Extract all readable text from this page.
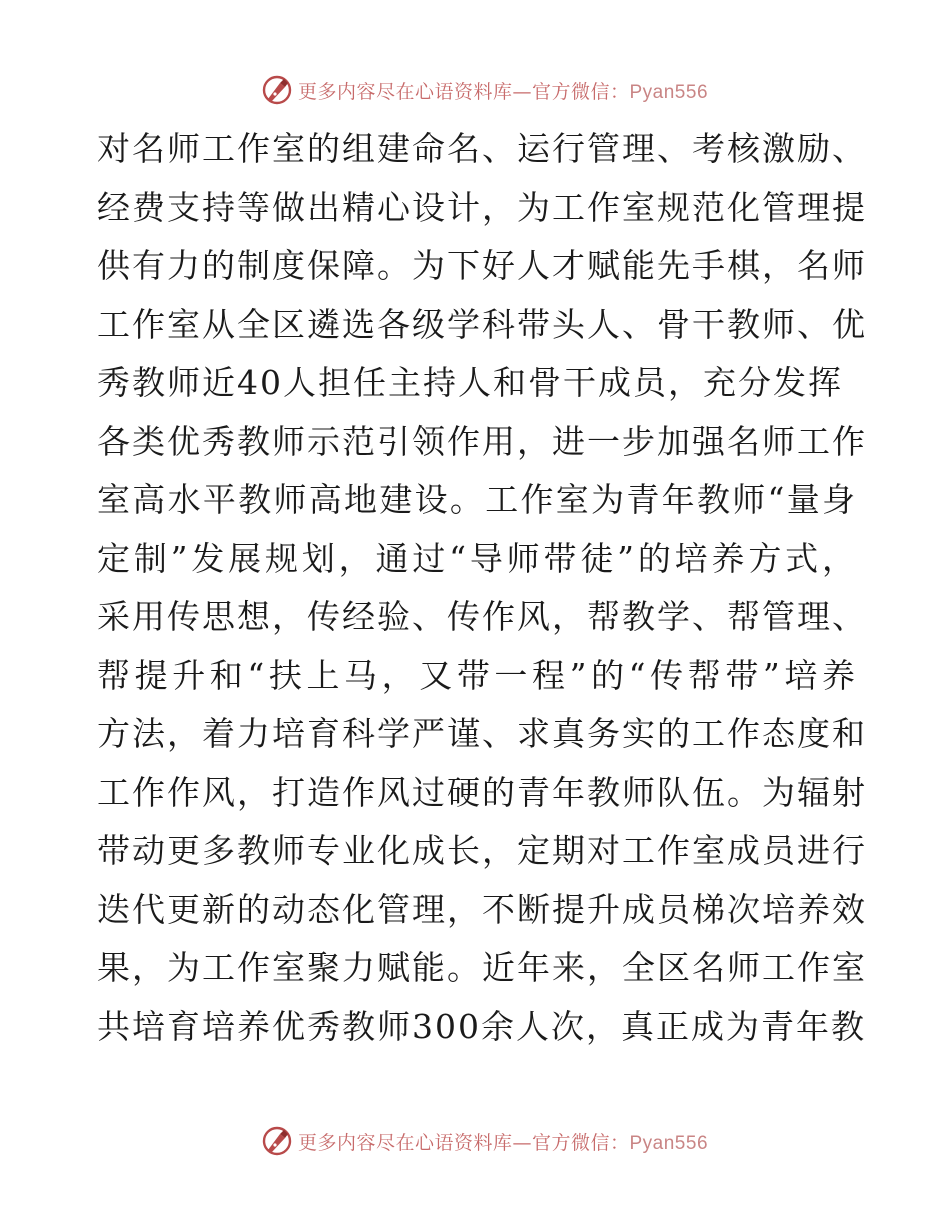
更多内容尽在心语资料库—官方微信：Pyan556
对名师工作室的组建命名、运行管理、考核激励、
经费支持等做出精心设计，为工作室规范化管理提
供有力的制度保障。为下好人才赋能先手棋，名师
工作室从全区遴选各级学科带头人、骨干教师、优
秀教师近40人担任主持人和骨干成员，充分发挥
各类优秀教师示范引领作用，进一步加强名师工作
室高水平教师高地建设。工作室为青年教师“量身
定制”发展规划，通过“导师带徒”的培养方式，
采用传思想，传经验、传作风，帮教学、帮管理、
帮提升和“扶上马，又带一程”的“传帮带”培养
方法，着力培育科学严谨、求真务实的工作态度和
工作作风，打造作风过硬的青年教师队伍。为辐射
带动更多教师专业化成长，定期对工作室成员进行
迭代更新的动态化管理，不断提升成员梯次培养效
果，为工作室聚力赋能。近年来，全区名师工作室
共培育培养优秀教师300余人次，真正成为青年教
更多内容尽在心语资料库—官方微信：Pyan556
